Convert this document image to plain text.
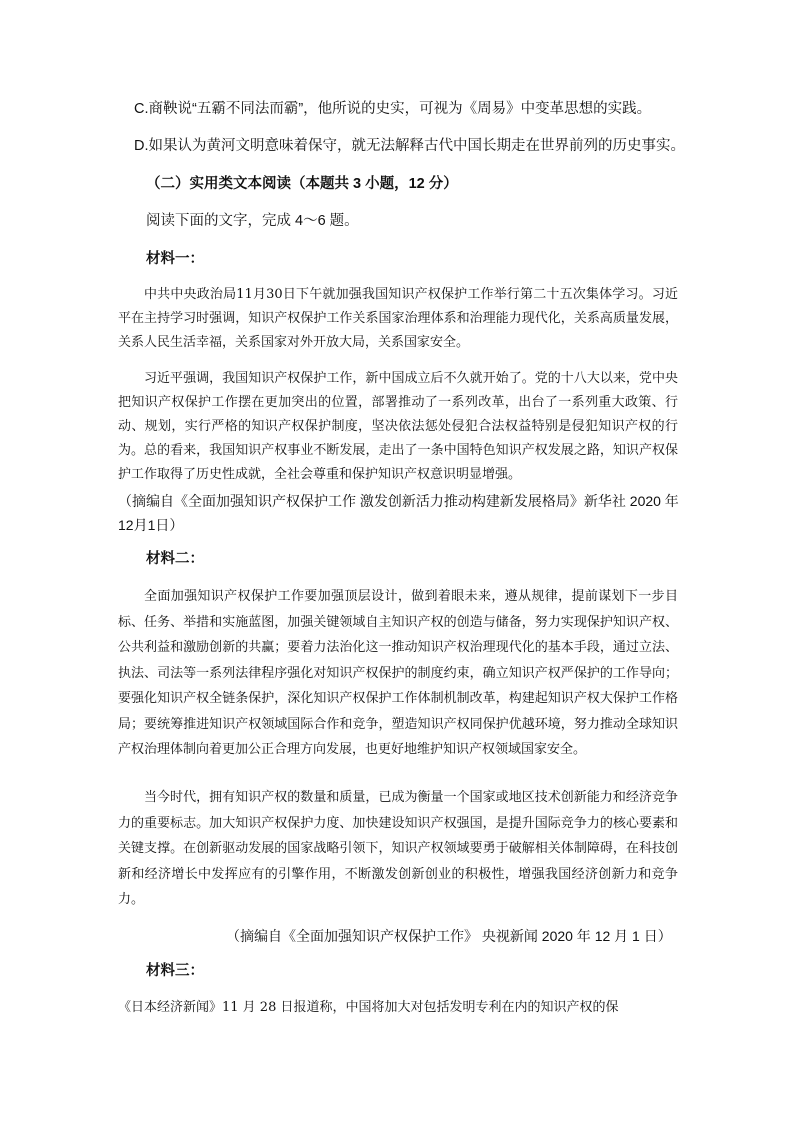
C.商鞅说“五霸不同法而霸”，他所说的史实，可视为《周易》中变革思想的实践。
D.如果认为黄河文明意味着保守，就无法解释古代中国长期走在世界前列的历史事实。
（二）实用类文本阅读（本题共 3 小题，12 分）
阅读下面的文字，完成 4～6 题。
材料一：
中共中央政治局11月30日下午就加强我国知识产权保护工作举行第二十五次集体学习。习近平在主持学习时强调，知识产权保护工作关系国家治理体系和治理能力现代化，关系高质量发展，关系人民生活幸福，关系国家对外开放大局，关系国家安全。
习近平强调，我国知识产权保护工作，新中国成立后不久就开始了。党的十八大以来，党中央把知识产权保护工作摆在更加突出的位置，部署推动了一系列改革，出台了一系列重大政策、行动、规划，实行严格的知识产权保护制度，坚决依法惩处侵犯合法权益特别是侵犯知识产权的行为。总的看来，我国知识产权事业不断发展，走出了一条中国特色知识产权发展之路，知识产权保护工作取得了历史性成就，全社会尊重和保护知识产权意识明显增强。
（摘编自《全面加强知识产权保护工作 激发创新活力推动构建新发展格局》新华社 2020 年 12月1日）
材料二：
全面加强知识产权保护工作要加强顶层设计，做到着眼未来，遵从规律，提前谋划下一步目标、任务、举措和实施蓝图，加强关键领域自主知识产权的创造与储备，努力实现保护知识产权、公共利益和激励创新的共赢；要着力法治化这一推动知识产权治理现代化的基本手段，通过立法、执法、司法等一系列法律程序强化对知识产权保护的制度约束，确立知识产权严保护的工作导向；要强化知识产权全链条保护，深化知识产权保护工作体制机制改革，构建起知识产权大保护工作格局；要统筹推进知识产权领域国际合作和竞争，塑造知识产权同保护优越环境，努力推动全球知识产权治理体制向着更加公正合理方向发展，也更好地维护知识产权领域国家安全。
当今时代，拥有知识产权的数量和质量，已成为衡量一个国家或地区技术创新能力和经济竞争力的重要标志。加大知识产权保护力度、加快建设知识产权强国，是提升国际竞争力的核心要素和关键支撑。在创新驱动发展的国家战略引领下，知识产权领域要勇于破解相关体制障碍，在科技创新和经济增长中发挥应有的引擎作用，不断激发创新创业的积极性，增强我国经济创新力和竞争力。
（摘编自《全面加强知识产权保护工作》 央视新闻 2020 年 12 月 1 日）
材料三：
《日本经济新闻》11 月 28 日报道称，中国将加大对包括发明专利在内的知识产权的保
